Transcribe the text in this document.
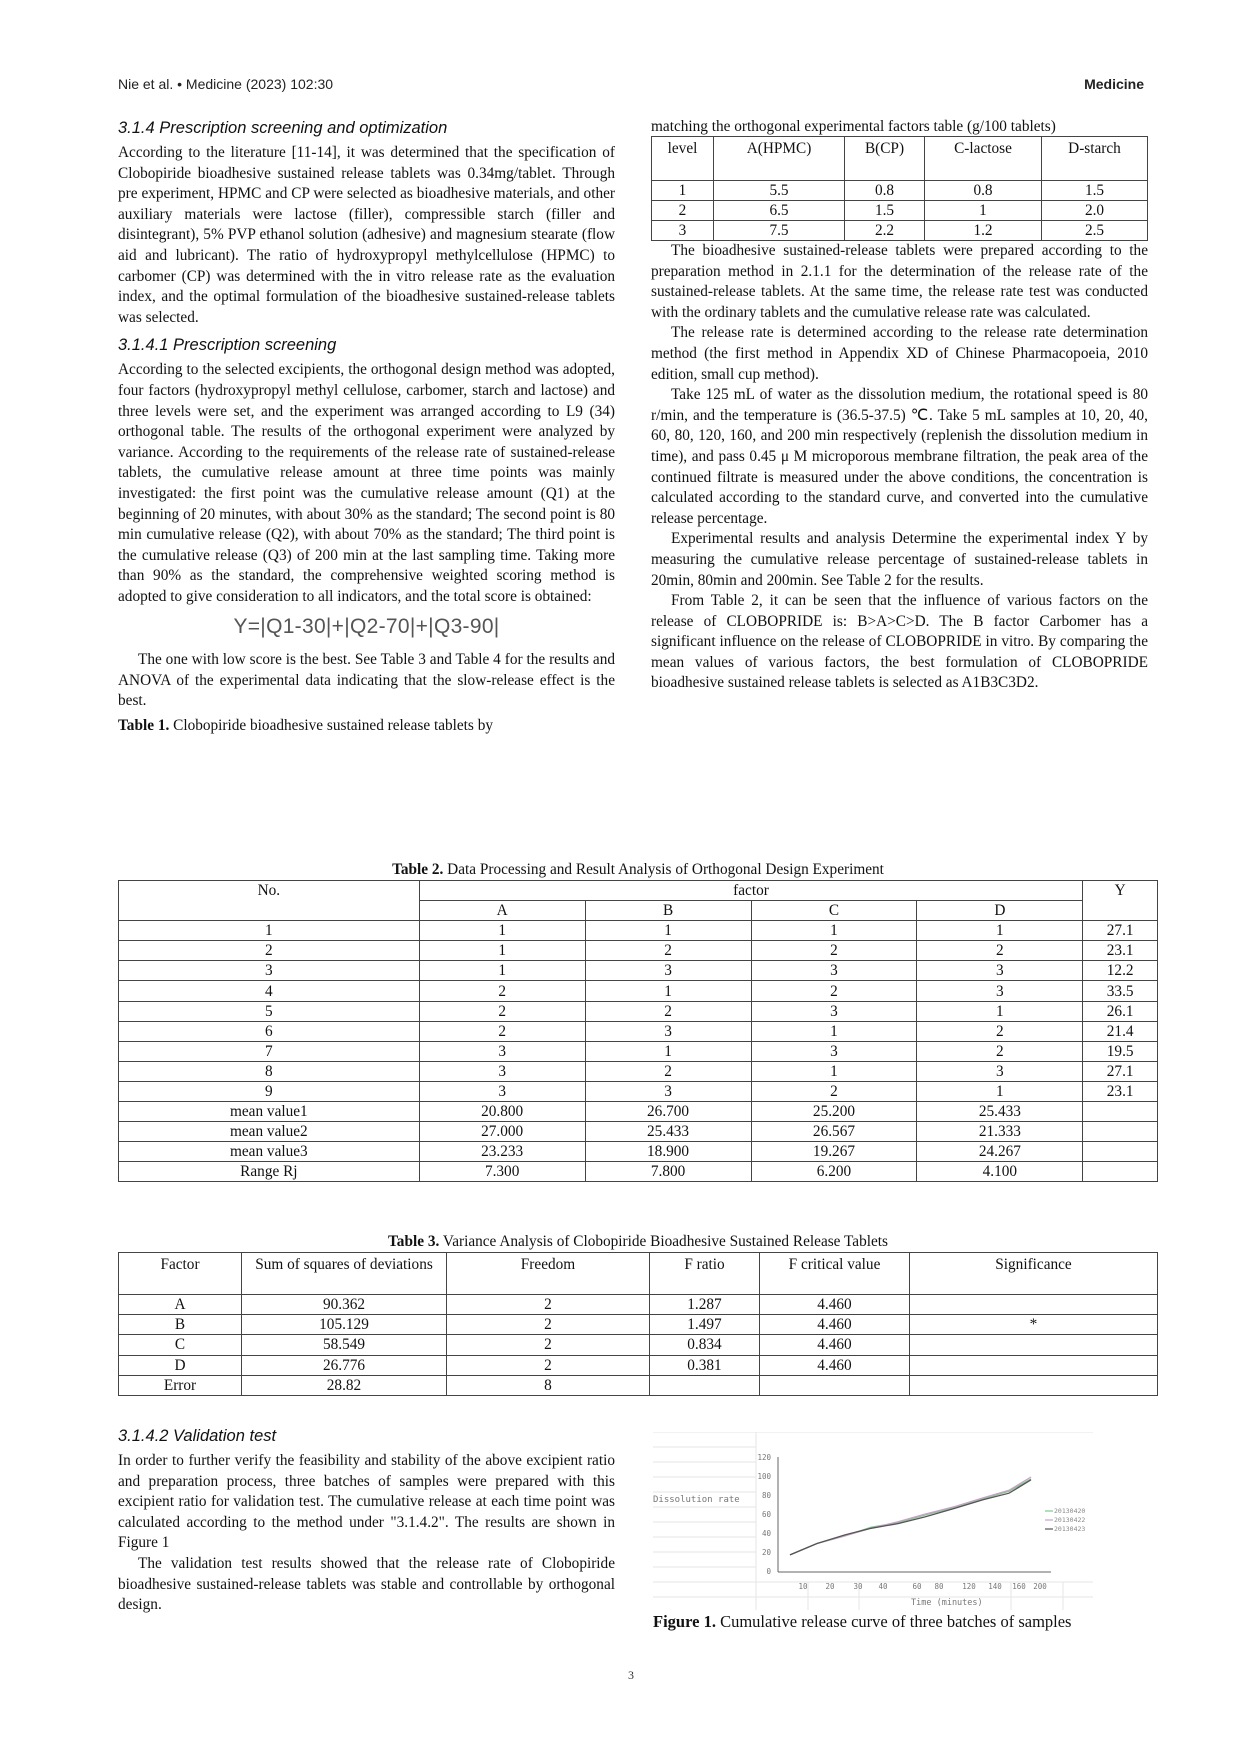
Nie et al. • Medicine (2023) 102:30	Medicine
3.1.4 Prescription screening and optimization

According to the literature [11-14], it was determined that the specification of Clobopiride bioadhesive sustained release tablets was 0.34mg/tablet. Through pre experiment, HPMC and CP were selected as bioadhesive materials, and other auxiliary materials were lactose (filler), compressible starch (filler and disintegrant), 5% PVP ethanol solution (adhesive) and magnesium stearate (flow aid and lubricant). The ratio of hydroxypropyl methylcellulose (HPMC) to carbomer (CP) was determined with the in vitro release rate as the evaluation index, and the optimal formulation of the bioadhesive sustained-release tablets was selected.

3.1.4.1 Prescription screening

According to the selected excipients, the orthogonal design method was adopted, four factors (hydroxypropyl methyl cellulose, carbomer, starch and lactose) and three levels were set, and the experiment was arranged according to L9 (34) orthogonal table. The results of the orthogonal experiment were analyzed by variance. According to the requirements of the release rate of sustained-release tablets, the cumulative release amount at three time points was mainly investigated: the first point was the cumulative release amount (Q1) at the beginning of 20 minutes, with about 30% as the standard; The second point is 80 min cumulative release (Q2), with about 70% as the standard; The third point is the cumulative release (Q3) of 200 min at the last sampling time. Taking more than 90% as the standard, the comprehensive weighted scoring method is adopted to give consideration to all indicators, and the total score is obtained:

Y=|Q1-30|+|Q2-70|+|Q3-90|

The one with low score is the best. See Table 3 and Table 4 for the results and ANOVA of the experimental data indicating that the slow-release effect is the best.

Table 1. Clobopiride bioadhesive sustained release tablets by

matching the orthogonal experimental factors table (g/100 tablets)

level	A(HPMC)	B(CP)	C-lactose	D-starch
1	5.5	0.8	0.8	1.5
2	6.5	1.5	1	2.0
3	7.5	2.2	1.2	2.5

The bioadhesive sustained-release tablets were prepared according to the preparation method in 2.1.1 for the determination of the release rate of the sustained-release tablets. At the same time, the release rate test was conducted with the ordinary tablets and the cumulative release rate was calculated.

The release rate is determined according to the release rate determination method (the first method in Appendix XD of Chinese Pharmacopoeia, 2010 edition, small cup method).

Take 125 mL of water as the dissolution medium, the rotational speed is 80 r/min, and the temperature is (36.5-37.5) ℃. Take 5 mL samples at 10, 20, 40, 60, 80, 120, 160, and 200 min respectively (replenish the dissolution medium in time), and pass 0.45 μ M microporous membrane filtration, the peak area of the continued filtrate is measured under the above conditions, the concentration is calculated according to the standard curve, and converted into the cumulative release percentage.

Experimental results and analysis Determine the experimental index Y by measuring the cumulative release percentage of sustained-release tablets in 20min, 80min and 200min. See Table 2 for the results.

From Table 2, it can be seen that the influence of various factors on the release of CLOBOPRIDE is: B>A>C>D. The B factor Carbomer has a significant influence on the release of CLOBOPRIDE in vitro. By comparing the mean values of various factors, the best formulation of CLOBOPRIDE bioadhesive sustained release tablets is selected as A1B3C3D2.

Table 2. Data Processing and Result Analysis of Orthogonal Design Experiment
No.	factor				Y
	A	B	C	D	
1	1	1	1	1	27.1
2	1	2	2	2	23.1
3	1	3	3	3	12.2
4	2	1	2	3	33.5
5	2	2	3	1	26.1
6	2	3	1	2	21.4
7	3	1	3	2	19.5
8	3	2	1	3	27.1
9	3	3	2	1	23.1
mean value1	20.800	26.700	25.200	25.433	
mean value2	27.000	25.433	26.567	21.333	
mean value3	23.233	18.900	19.267	24.267	
Range Rj	7.300	7.800	6.200	4.100	
Table 3. Variance Analysis of Clobopiride Bioadhesive Sustained Release Tablets
Factor	Sum of squares of deviations	Freedom	F ratio	F critical value	Significance
A	90.362	2	1.287	4.460	
B	105.129	2	1.497	4.460	*
C	58.549	2	0.834	4.460	
D	26.776	2	0.381	4.460	
Error	28.82	8			
3.1.4.2 Validation test

In order to further verify the feasibility and stability of the above excipient ratio and preparation process, three batches of samples were prepared with this excipient ratio for validation test. The cumulative release at each time point was calculated according to the method under "3.1.4.2". The results are shown in Figure 1

The validation test results showed that the release rate of Clobopiride bioadhesive sustained-release tablets was stable and controllable by orthogonal design.

0
20
40
60
80
100
120
10 20	30 40	60 80 120 140 160 200
Dissolution rate
Time (minutes)
20130420
20130422
20130423
Figure 1. Cumulative release curve of three batches of samples
3
